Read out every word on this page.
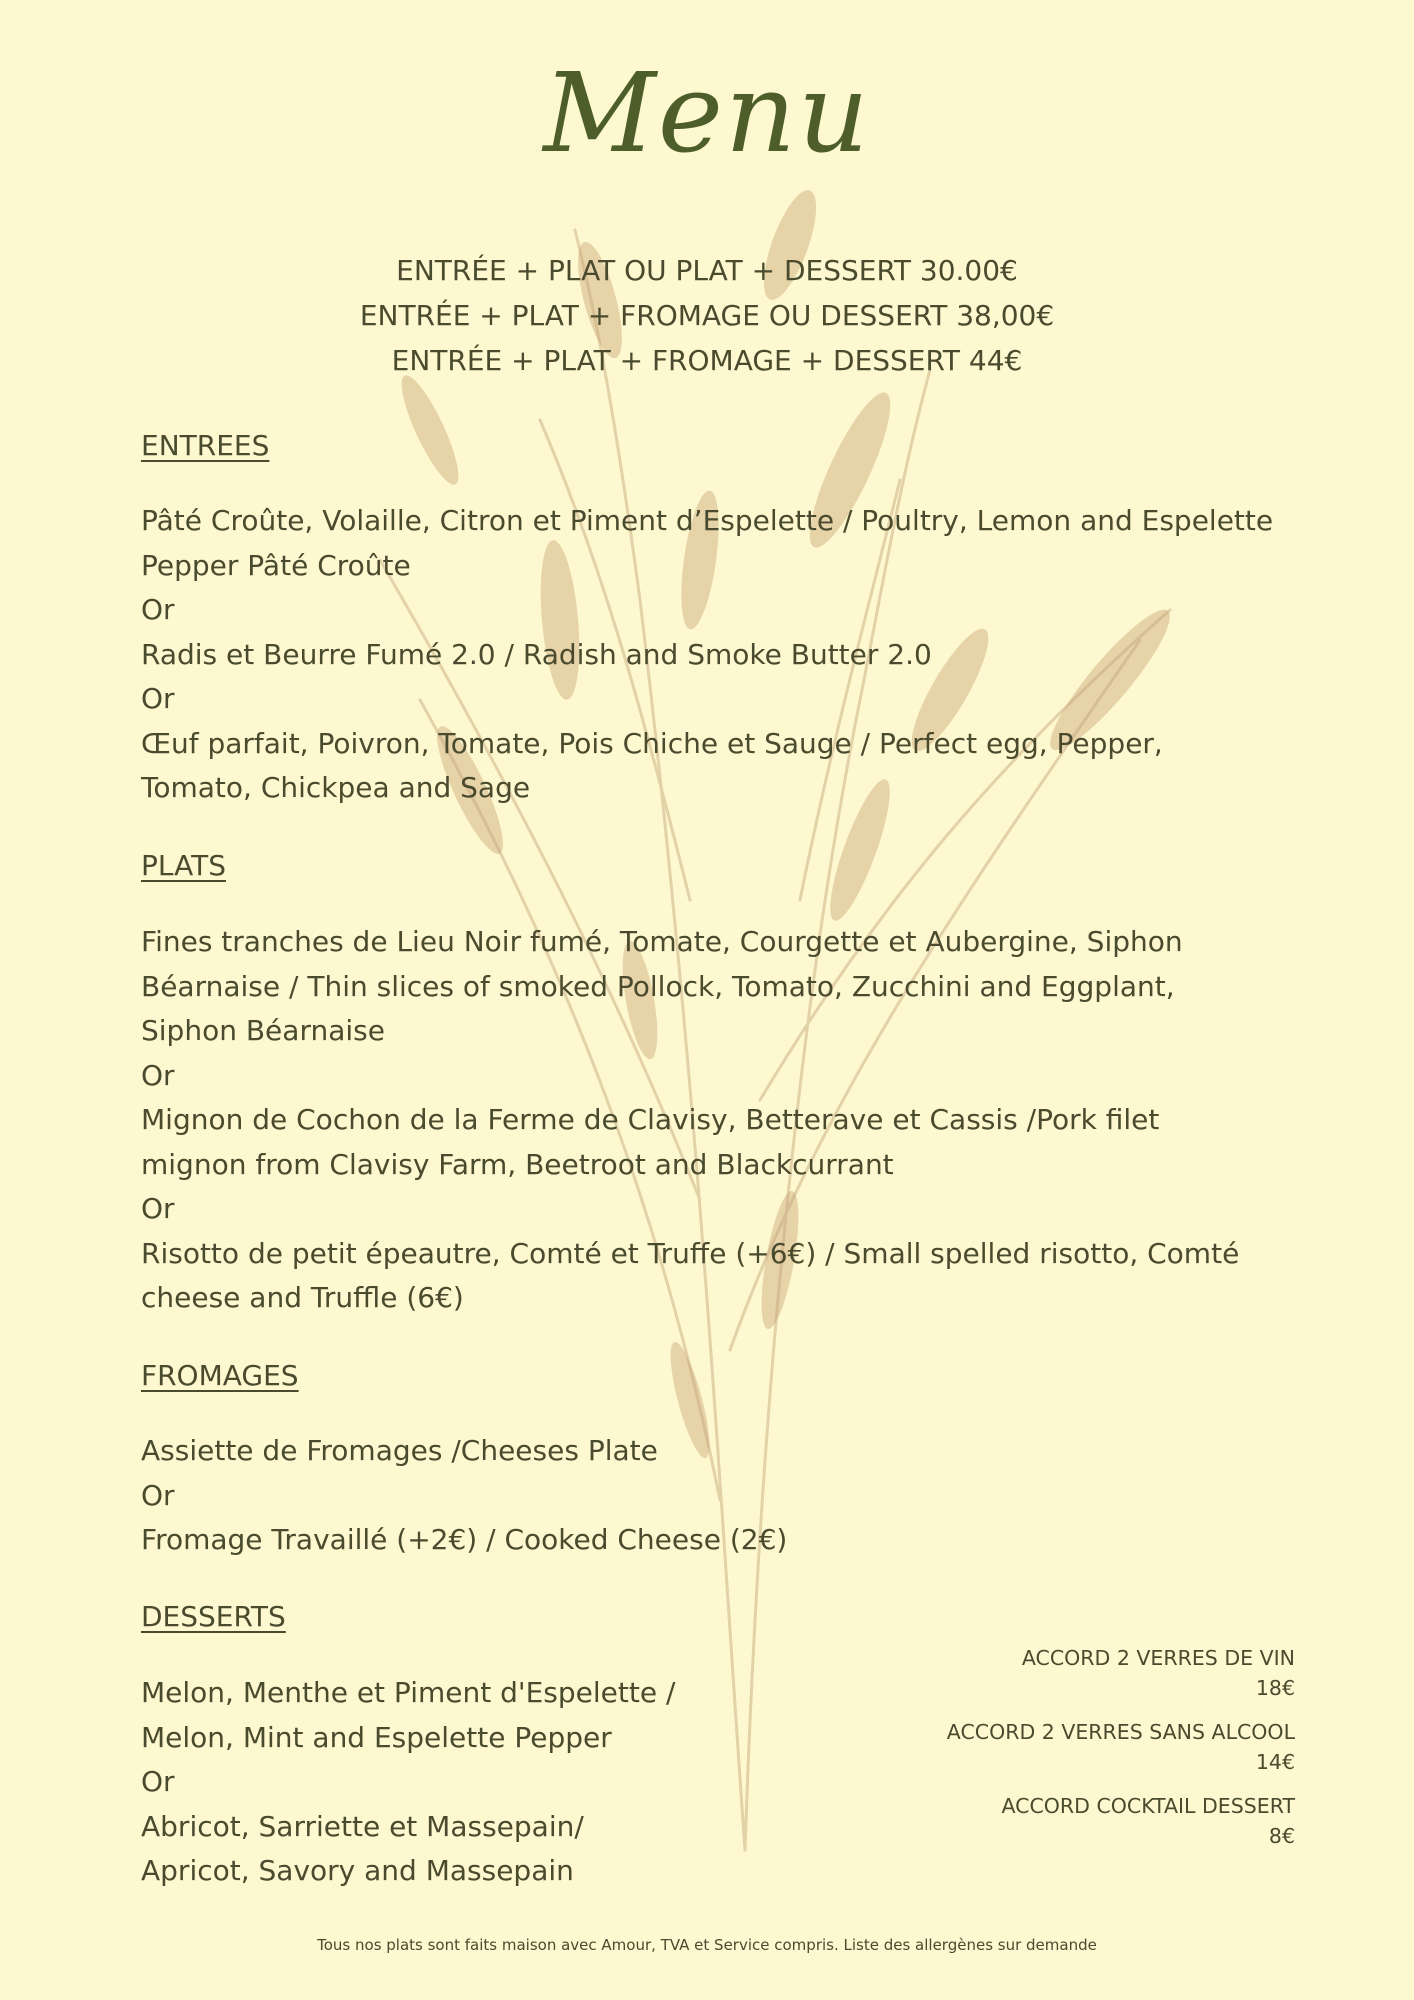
Menu
ENTRÉE + PLAT OU PLAT + DESSERT 30.00€
ENTRÉE + PLAT + FROMAGE OU DESSERT 38,00€
ENTRÉE + PLAT + FROMAGE + DESSERT 44€
ENTREES
Pâté Croûte, Volaille, Citron et Piment d’Espelette / Poultry, Lemon and Espelette
Pepper Pâté Croûte
Or
Radis et Beurre Fumé 2.0 / Radish and Smoke Butter 2.0
Or
Œuf parfait, Poivron, Tomate, Pois Chiche et Sauge / Perfect egg, Pepper,
Tomato, Chickpea and Sage
PLATS
Fines tranches de Lieu Noir fumé, Tomate, Courgette et Aubergine, Siphon
Béarnaise / Thin slices of smoked Pollock, Tomato, Zucchini and Eggplant,
Siphon Béarnaise
Or
Mignon de Cochon de la Ferme de Clavisy, Betterave et Cassis /Pork filet
mignon from Clavisy Farm, Beetroot and Blackcurrant
Or
Risotto de petit épeautre, Comté et Truffe (+6€) / Small spelled risotto, Comté
cheese and Truffle (6€)
FROMAGES
Assiette de Fromages /Cheeses Plate
Or
Fromage Travaillé (+2€) / Cooked Cheese (2€)
DESSERTS
Melon, Menthe et Piment d'Espelette /
Melon, Mint and Espelette Pepper
Or
Abricot, Sarriette et Massepain/
Apricot, Savory and Massepain
ACCORD 2 VERRES DE VIN
18€
ACCORD 2 VERRES SANS ALCOOL
14€
ACCORD COCKTAIL DESSERT
8€
Tous nos plats sont faits maison avec Amour, TVA et Service compris. Liste des allergènes sur demande
